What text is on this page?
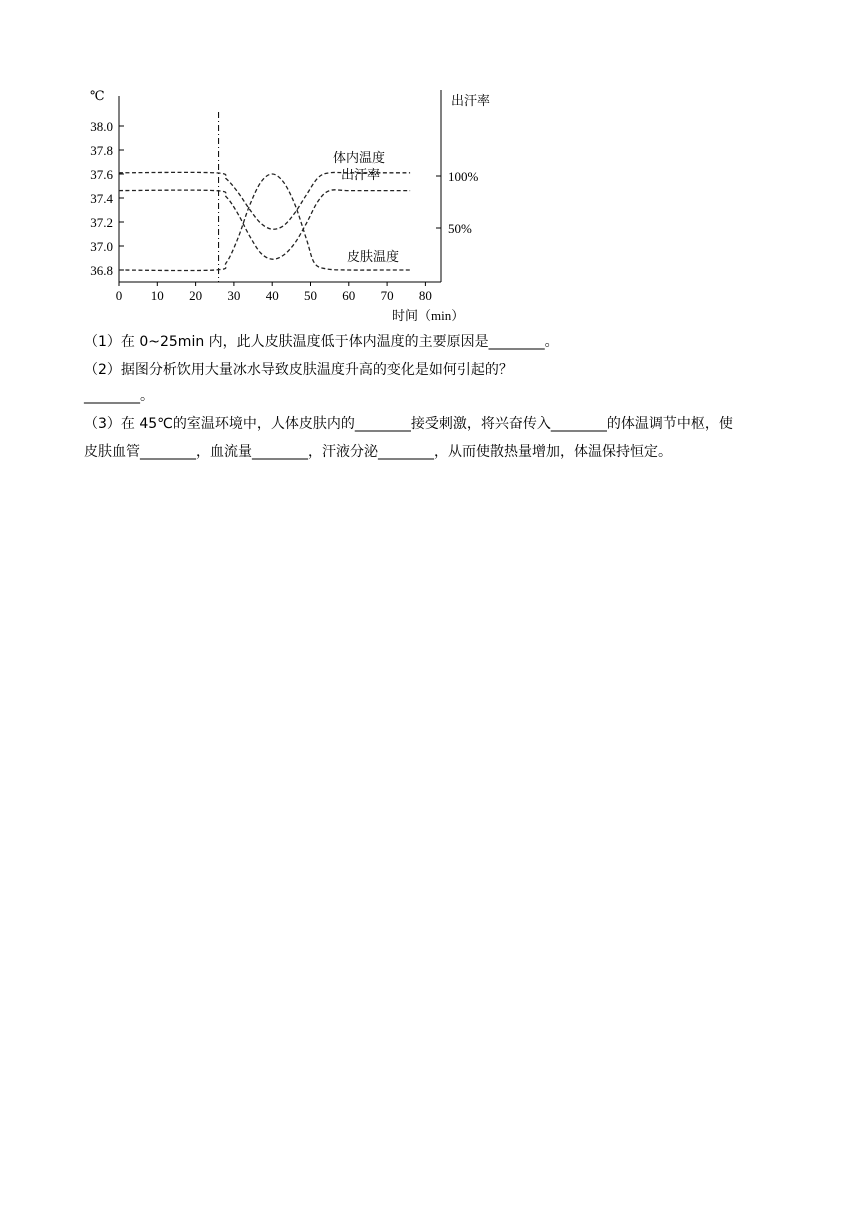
0 10 20 30 40 50 60 70 80
38.0
37.8
37.6
37.4
37.2
37.0
36.8
100%
50%
℃	出汗率
时间（min）
体内温度
出汗率
皮肤温度
（1）在 0~25min 内，此人皮肤温度低于体内温度的主要原因是________。
（2）据图分析饮用大量冰水导致皮肤温度升高的变化是如何引起的？
________。
（3）在 45℃的室温环境中，人体皮肤内的________接受刺激，将兴奋传入________的体温调节中枢，使
皮肤血管________，血流量________，汗液分泌________，从而使散热量增加，体温保持恒定。
